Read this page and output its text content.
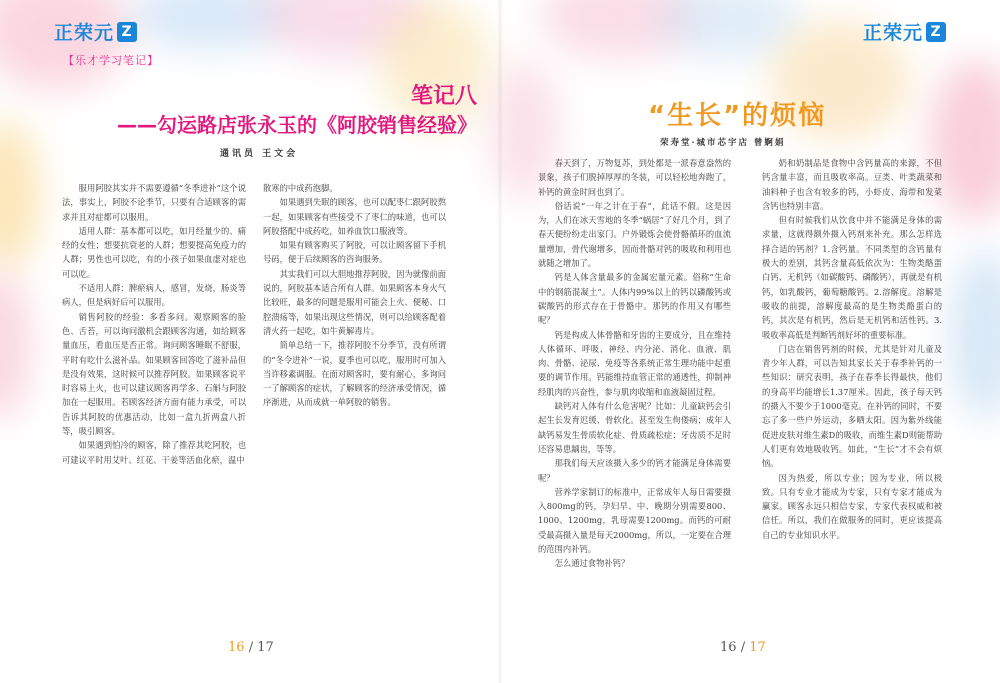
正荣元 Z	正荣元 Z
【乐才学习笔记】
笔记八
——勾运路店张永玉的《阿胶销售经验》
通讯员 王文会

服用阿胶其实并不需要遵循“冬季进补”这个说法，事实上，阿胶不论季节，只要有合适顾客的需求并且对症都可以服用。

适用人群：基本都可以吃，如月经量少的、痛经的女性；想要抗衰老的人群；想要提高免疫力的人群；男性也可以吃，有的小孩子如果血虚对症也可以吃。

不适用人群：脾瘀病人，感冒，发烧，肠炎等病人，但是病好后可以服用。

销售阿胶的经验：多看多问。观察顾客的脸色、舌苔，可以询问激机会跟顾客沟通，如给顾客量血压，看血压是否正常。询问顾客睡眠不舒服，平时有吃什么滋补品。如果顾客回答吃了滋补品但是没有效果，这时候可以推荐阿胶。如果顾客说平时容易上火，也可以建议顾客再学多、石斛与阿胶加在一起服用。若顾客经济方面有能力承受，可以告诉其阿胶的优惠活动，比如一盒九折两盒八折等，吸引顾客。

如果遇到怕冷的顾客，除了推荐其吃阿胶，也可建议平时用艾叶、红花、干姜等活血化瘀，温中

散寒的中成药泡脚。

如果遇到失眠的顾客，也可以配枣仁跟阿胶熬一起，如果顾客有些接受不了枣仁的味道，也可以阿胶搭配中成药吃，如养血饮口服液等。

如果有顾客购买了阿胶，可以让顾客留下手机号码，便于后续顾客的咨询服务。

其实我们可以大胆地推荐阿胶，因为就像前面说的，阿胶基本适合所有人群。如果顾客本身火气比较旺，最多的问题是服用可能会上火、便秘、口腔溃疡等，如果出现这些情况，则可以给顾客配着清火药一起吃，如牛黄解毒片。

简单总结一下，推荐阿胶不分季节，没有所谓的“冬令进补”一说，夏季也可以吃，服用时可加入当许移素调服。在面对顾客时，要有耐心，多询问一了解顾客的症状，了解顾客的经济承受情况，循序渐进，从而成就一单阿胶的销售。

16 / 17
“生长”的烦恼
荣寿堂·城市芯宇店 曾婀娟

春天到了，万物复苏，到处都是一派春意盎然的景象，孩子们脱掉厚厚的冬装，可以轻松地奔跑了，补钙的黄金时间也到了。

俗话说“一年之计在于春”，此话不假。这是因为，人们在冰天雪地的冬季“蜗居”了好几个月，到了春天便纷纷走出家门。户外锻炼会使骨骼循环的血流量增加，骨代谢增多，因而骨骼对钙的吸收和利用也就随之增加了。

钙是人体含量最多的金属宏量元素。俗称“生命中的钢筋混凝土”。人体内99%以上的钙以磷酸钙或碳酸钙的形式存在于骨骼中。那钙的作用又有哪些呢？

钙是构成人体骨骼和牙齿的主要成分，且在维持人体循环、呼吸、神经、内分泌、消化、血液、肌肉、骨骼、泌尿、免疫等各系统正常生理功能中起重要的调节作用。钙能维持血管正常的通透性，抑制神经肌肉的兴奋性，参与肌肉收缩和血液凝固过程。

缺钙对人体有什么危害呢？比如：儿童缺钙会引起生长发育迟缓、骨软化。甚至发生佝偻病；成年人缺钙易发生骨质软化症、骨质疏松症；牙齿质不足时还容易患龋齿，等等。

那我们每天应该摄入多少的钙才能满足身体需要呢？

营养学家制订的标准中，正常成年人每日需要摄入800mg的钙，孕妇早、中、晚期分别需要800、1000、1200mg，乳母需要1200mg。而钙的可耐受最高摄入量是每天2000mg，所以，一定要在合理的范围内补钙。

怎么通过食物补钙？

奶和奶制品是食物中含钙量高的来源，不但钙含量丰富，而且吸收率高。豆类、叶类蔬菜和油料种子也含有较多的钙，小虾皮、海带和发菜含钙也特别丰富。

但有时候我们从饮食中并不能满足身体的需求量，这就得额外摄入钙剂来补充。那么怎样选择合适的钙剂？1.含钙量。不同类型的含钙量有极大的差别，其钙含量高低依次为：生物类酪蛋白钙、无机钙（如碳酸钙、磷酸钙），再就是有机钙，如乳酸钙，葡萄糖酸钙。2.溶解度。溶解是吸收的前提，溶解度最高的是生物类酪蛋白的钙，其次是有机钙，然后是无机钙和活性钙。3.吸收率高低是判断钙剂好坏的重要标准。

门店在销售钙剂的时候，尤其是针对儿童及青少年人群，可以告知其家长关于春季补钙的一些知识：研究表明，孩子在春季长得最快，他们的身高平均能增长1.37厘米。因此，孩子每天钙的摄入不要少于1000毫克。在补钙的同时，不要忘了多一些户外运动，多晒太阳。因为紫外线能促进皮肤对维生素D的吸收，而维生素D则能帮助人们更有效地吸收钙。如此，“生长”才不会有烦恼。

因为热爱，所以专业；因为专业，所以极致。只有专业才能成为专家，只有专家才能成为赢家。顾客永远只相信专家，专家代表权威和被信任。所以，我们在做服务的同时，更应该提高自己的专业知识水平。

16 / 17
